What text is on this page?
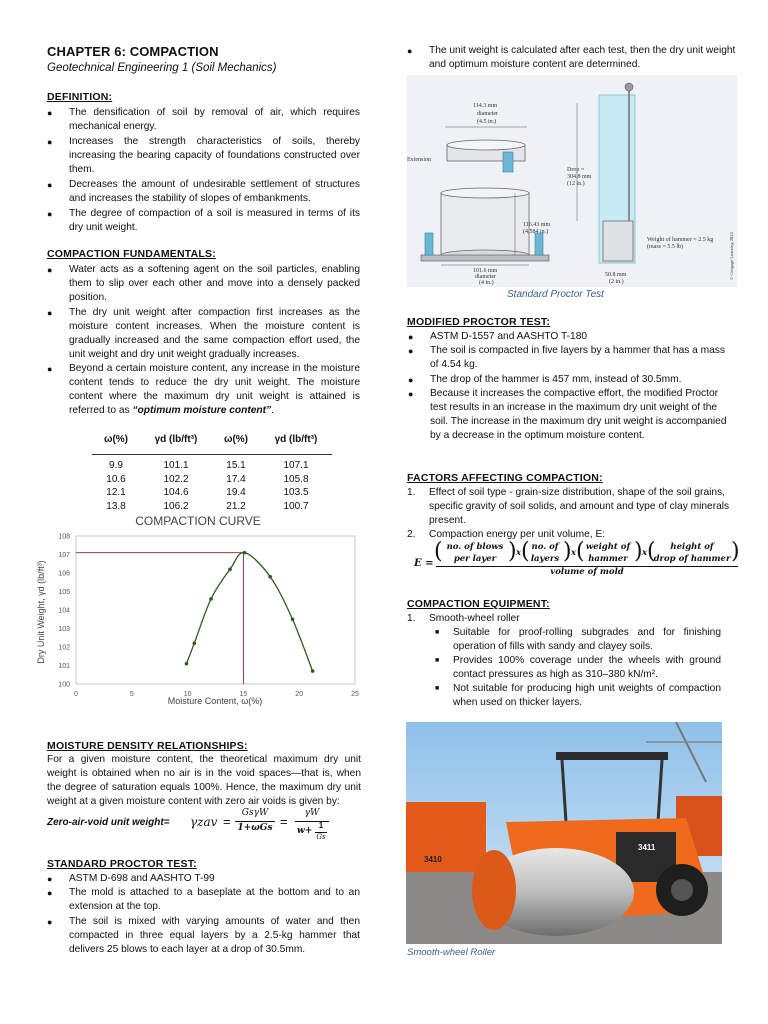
CHAPTER 6: COMPACTION
Geotechnical Engineering 1 (Soil Mechanics)
DEFINITION:
● The densification of soil by removal of air, which requires mechanical energy.
● Increases the strength characteristics of soils, thereby increasing the bearing capacity of foundations constructed over them.
● Decreases the amount of undesirable settlement of structures and increases the stability of slopes of embankments.
● The degree of compaction of a soil is measured in terms of its dry unit weight.
COMPACTION FUNDAMENTALS:
● Water acts as a softening agent on the soil particles, enabling them to slip over each other and move into a densely packed position.
● The dry unit weight after compaction first increases as the moisture content increases. When the moisture content is gradually increased and the same compaction effort used, the unit weight and dry unit weight gradually increases.
● Beyond a certain moisture content, any increase in the moisture content tends to reduce the dry unit weight. The moisture content where the maximum dry unit weight is attained is referred to as “optimum moisture content”.
ω(%)	γd (lb/ft³)	ω(%)	γd (lb/ft³)

9.9	101.1	15.1	107.1
10.6	102.2	17.4	105.8
12.1	104.6	19.4	103.5
13.8	106.2	21.2	100.7
COMPACTION CURVE
0	5	10	15	20	25
100
101
102
103
104
105
106
107
108
Moisture Content, ω(%)
Dry Unit Weight, γd (lb/ft³)
MOISTURE DENSITY RELATIONSHIPS:
For a given moisture content, the theoretical maximum dry unit weight is obtained when no air is in the void spaces—that is, when the degree of saturation equals 100%. Hence, the maximum dry unit weight at a given moisture content with zero air voids is given by:
Zero-air-void unit weight= γzav =
GsγW
1+ωGs =
γW
w+
1
Gs
STANDARD PROCTOR TEST:
● ASTM D-698 and AASHTO T-99
● The mold is attached to a baseplate at the bottom and to an extension at the top.
● The soil is mixed with varying amounts of water and then compacted in three equal layers by a 2.5-kg hammer that delivers 25 blows to each layer at a drop of 30.5mm.
● The unit weight is calculated after each test, then the dry unit weight and optimum moisture content are determined.
114.3 mm
diameter
(4.5 in.)
Extension
116.43 mm
(4.584 in.)
101.6 mm
diameter
(4 in.)
Drop =
304.8 mm
(12 in.)
Weight of hammer = 2.5 kg
(mass = 5.5 lb)
50.8 mm
(2 in.)
© Cengage Learning 2014
Standard Proctor Test
MODIFIED PROCTOR TEST:
● ASTM D-1557 and AASHTO T-180
● The soil is compacted in five layers by a hammer that has a mass of 4.54 kg.
● The drop of the hammer is 457 mm, instead of 30.5mm.
● Because it increases the compactive effort, the modified Proctor test results in an increase in the maximum dry unit weight of the soil. The increase in the maximum dry unit weight is accompanied by a decrease in the optimum moisture content.
FACTORS AFFECTING COMPACTION:
1. Effect of soil type - grain-size distribution, shape of the soil grains, specific gravity of soil solids, and amount and type of clay minerals present.
2. Compaction energy per unit volume, E:
E = ( no. of blows
per layer ) x ( no. of
layers ) x ( weight of
hammer ) x (	height of
drop of hammer )
volume of mold
COMPACTION EQUIPMENT:
1. Smooth-wheel roller
■ Suitable for proof-rolling subgrades and for finishing operation of fills with sandy and clayey soils.
■ Provides 100% coverage under the wheels with ground contact pressures as high as 310–380 kN/m².
■ Not suitable for producing high unit weights of compaction when used on thicker layers.
3410
3411
Smooth-wheel Roller
